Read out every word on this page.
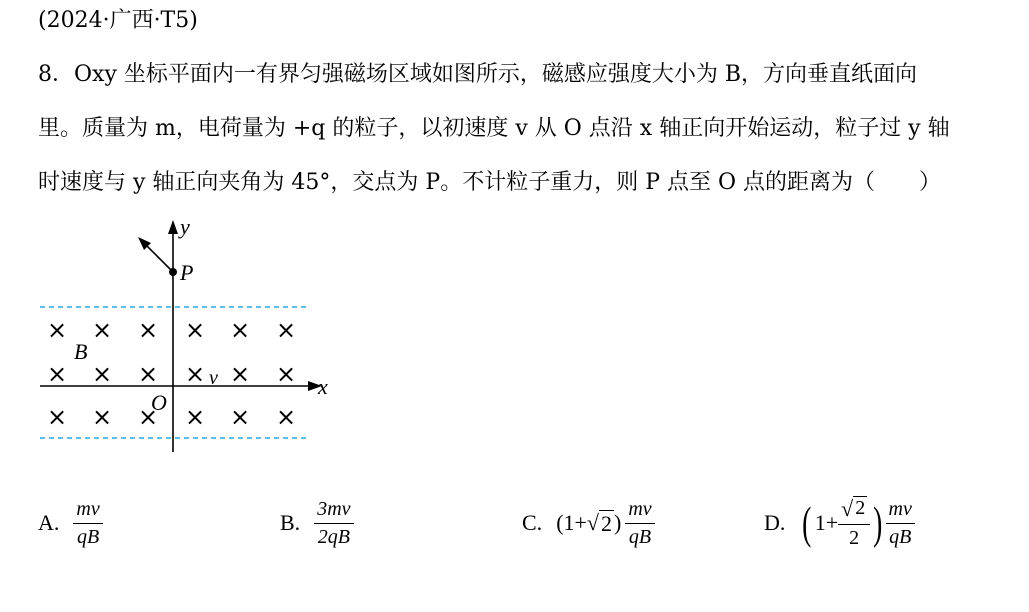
(2024·广西·T5)
8．Oxy 坐标平面内一有界匀强磁场区域如图所示，磁感应强度大小为 B，方向垂直纸面向
里。质量为 m，电荷量为 +q 的粒子，以初速度 v 从 O 点沿 x 轴正向开始运动，粒子过 y 轴
时速度与 y 轴正向夹角为 45°，交点为 P。不计粒子重力，则 P 点至 O 点的距离为（　　）
× × × × × ×
× × × × × ×
× × × × × ×
y
P
B
O
v	x
A. $\frac{mv}{qB}$	B. $\frac{3mv}{2qB}$	C. (1+ √ 2 ) $\frac{mv}{qB}$	D. ( $1+ \frac{√ 2}{2}$ ) $\frac{mv}{qB}$
